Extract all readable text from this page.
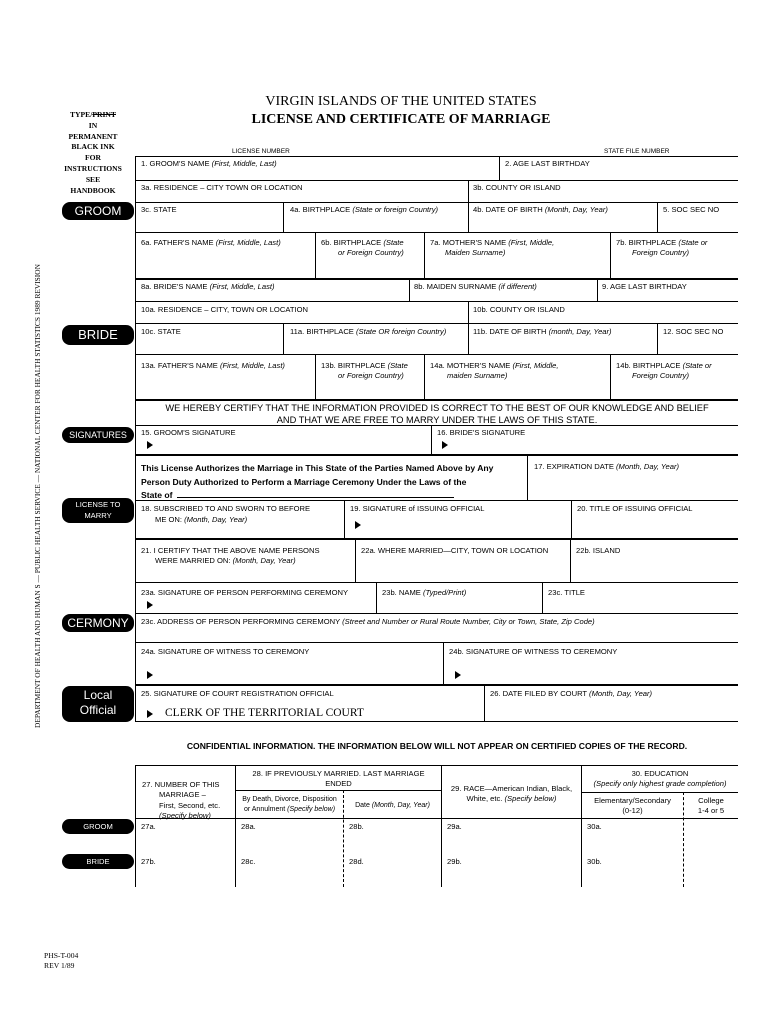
DEPARTMENT OF HEALTH AND HUMAN S — PUBLIC HEALTH SERVICE — NATIONAL CENTER FOR HEALTH STATISTICS 1989 REVISION
TYPE/PRINT
IN
PERMANENT
BLACK INK
FOR
INSTRUCTIONS
SEE
HANDBOOK
VIRGIN ISLANDS OF THE UNITED STATES
LICENSE AND CERTIFICATE OF MARRIAGE
LICENSE NUMBER	STATE FILE NUMBER
GROOM
BRIDE
SIGNATURES
LICENSE TO
MARRY
CERMONY
Local
Official
1. GROOM'S NAME (First, Middle, Last)	2. AGE LAST BIRTHDAY
3a. RESIDENCE – CITY TOWN OR LOCATION	3b. COUNTY OR ISLAND
3c. STATE	4a. BIRTHPLACE (State or foreign Country)	4b. DATE OF BIRTH (Month, Day, Year)	5. SOC SEC NO
6a. FATHER'S NAME (First, Middle, Last)	6b. BIRTHPLACE (State
or Foreign Country)
7a. MOTHER'S NAME (First, Middle,
Maiden Surname)
7b. BIRTHPLACE (State or
Foreign Country)
8a. BRIDE'S NAME (First, Middle, Last)	8b. MAIDEN SURNAME (if different)	9. AGE LAST BIRTHDAY
10a. RESIDENCE – CITY, TOWN OR LOCATION	10b. COUNTY OR ISLAND
10c. STATE	11a. BIRTHPLACE (State OR foreign Country)	11b. DATE OF BIRTH (month, Day, Year)	12. SOC SEC NO
13a. FATHER'S NAME (First, Middle, Last)	13b. BIRTHPLACE (State
or Foreign Country)
14a. MOTHER'S NAME (First, Middle,
maiden Surname)
14b. BIRTHPLACE (State or
Foreign Country)
WE HEREBY CERTIFY THAT THE INFORMATION PROVIDED IS CORRECT TO THE BEST OF OUR KNOWLEDGE AND BELIEF
AND THAT WE ARE FREE TO MARRY UNDER THE LAWS OF THIS STATE.
15. GROOM'S SIGNATURE	16. BRIDE'S SIGNATURE
This License Authorizes the Marriage in This State of the Parties Named Above by Any
Person Duty Authorized to Perform a Marriage Ceremony Under the Laws of the
State of
17. EXPIRATION DATE (Month, Day, Year)
18. SUBSCRIBED TO AND SWORN TO BEFORE
ME ON: (Month, Day, Year)
19. SIGNATURE of ISSUING OFFICIAL	20. TITLE OF ISSUING OFFICIAL
21. I CERTIFY THAT THE ABOVE NAME PERSONS
WERE MARRIED ON: (Month, Day, Year)
22a. WHERE MARRIED—CITY, TOWN OR LOCATION	22b. ISLAND
23a. SIGNATURE OF PERSON PERFORMING CEREMONY	23b. NAME (Typed/Print)	23c. TITLE
23c. ADDRESS OF PERSON PERFORMING CEREMONY (Street and Number or Rural Route Number, City or Town, State, Zip Code)
24a. SIGNATURE OF WITNESS TO CEREMONY	24b. SIGNATURE OF WITNESS TO CEREMONY
25. SIGNATURE OF COURT REGISTRATION OFFICIAL
CLERK OF THE TERRITORIAL COURT
26. DATE FILED BY COURT (Month, Day, Year)
CONFIDENTIAL INFORMATION. THE INFORMATION BELOW WILL NOT APPEAR ON CERTIFIED COPIES OF THE RECORD.
27. NUMBER OF THIS
MARRIAGE –
First, Second, etc.
(Specify below)
28. IF PREVIOUSLY MARRIED. LAST MARRIAGE
ENDED
By Death, Divorce, Disposition
or Annulment (Specify below)	Date (Month, Day, Year)
29. RACE—American Indian, Black,
White, etc. (Specify below)
30. EDUCATION
(Specify only highest grade completion)
Elementary/Secondary
(0-12)
College
1-4 or 5
GROOM
BRIDE
27a.	28a.	28b.	29a.	30a.
27b.	28c.	28d.	29b.	30b.
PHS-T-004
REV 1/89
